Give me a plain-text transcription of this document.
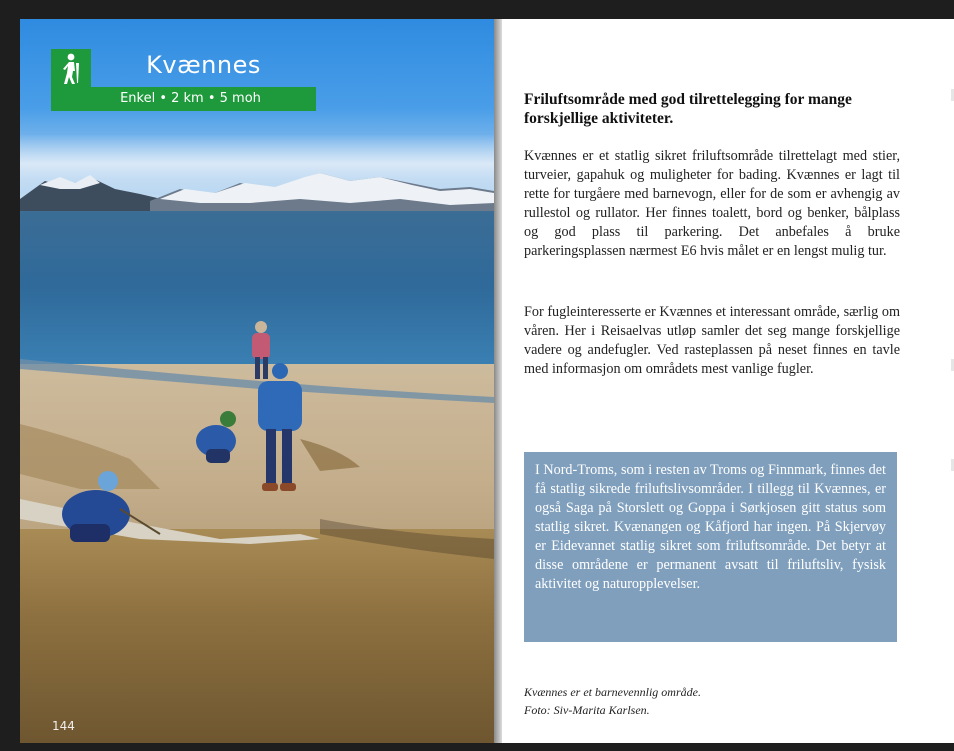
Kvænnes
Enkel • 2 km • 5 moh
144
Friluftsområde med god tilrettelegging for mange forskjellige aktiviteter.

Kvænnes er et statlig sikret friluftsområde tilrettelagt med stier, turveier, gapahuk og muligheter for bading. Kvænnes er lagt til rette for turgåere med barnevogn, eller for de som er avhengig av rullestol og rullator. Her finnes toalett, bord og benker, bålplass og god plass til parkering. Det anbefales å bruke parkeringsplassen nærmest E6 hvis målet er en lengst mulig tur.

For fugleinteresserte er Kvænnes et interessant område, særlig om våren. Her i Reisaelvas utløp samler det seg mange forskjellige vadere og andefugler. Ved rasteplassen på neset finnes en tavle med informasjon om områdets mest vanlige fugler.

I Nord-Troms, som i resten av Troms og Finnmark, finnes det få statlig sikrede friluftslivsområder. I tillegg til Kvænnes, er også Saga på Storslett og Goppa i Sørkjosen gitt status som statlig sikret. Kvænangen og Kåfjord har ingen. På Skjervøy er Eidevannet statlig sikret som friluftsområde. Det betyr at disse områdene er permanent avsatt til friluftsliv, fysisk aktivitet og naturopplevelser.

Kvænnes er et barnevennlig område.
Foto: Siv-Marita Karlsen.
